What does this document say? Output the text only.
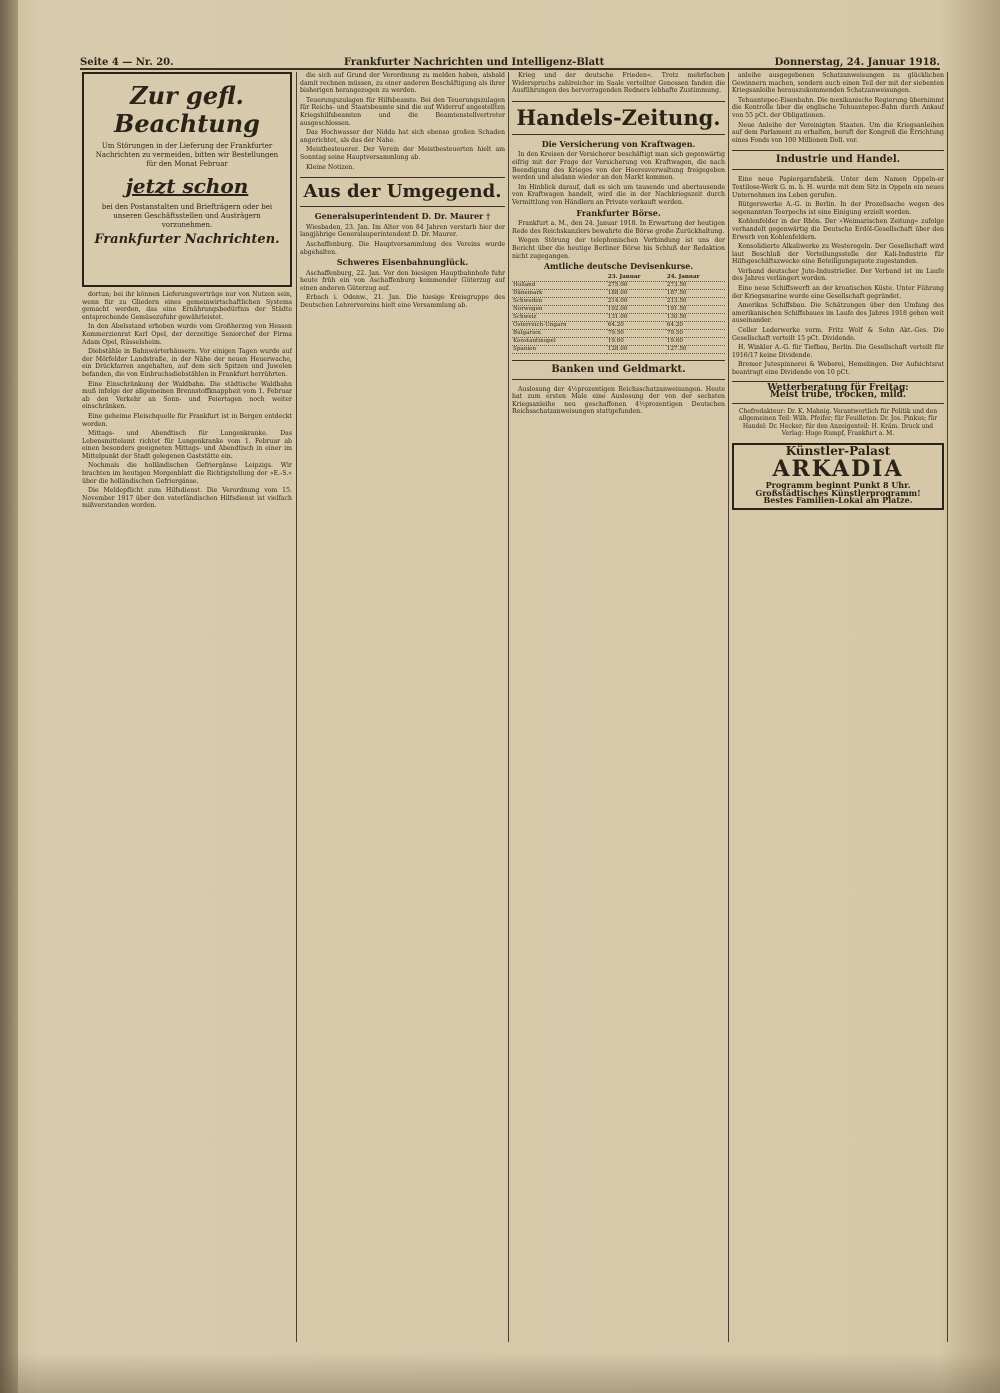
Seite 4 — Nr. 20.	Frankfurter Nachrichten und Intelligenz-Blatt	Donnerstag, 24. Januar 1918.
Zur gefl. Beachtung
Um Störungen in der Lieferung der Frankfurter Nachrichten zu vermeiden, bitten wir Bestellungen für den Monat Februar
jetzt schon
bei den Postanstalten und Briefträgern oder bei unseren Geschäftsstellen und Austrägern vorzunehmen.
Frankfurter Nachrichten.

dortun; bei ihr können Lieferungsverträge nur von Nutzen sein, wenn für zu Gliedern eines gemeinwirtschaftlichen Systems gemacht werden, das eine Ernährungsbedürfnis der Städte entsprechende Gemüsezufuhr gewährleistet.

In den Abelsstand erhoben wurde vom Großherzog von Hessen Kommerzienrat Karl Opel, der derzeitige Seniorchef der Firma Adam Opel, Rüsselsheim.

Diebstähle in Bahnwärterhäusern. Vor einigen Tagen wurde auf der Mörfelder Landstraße, in der Nähe der neuen Heuerwache, ein Drückfarren angehalten, auf dem sich Spitzen und Juwelen befanden, die von Einbruchsdiebstählen in Frankfurt herrührten.

Eine Einschränkung der Waldbahn. Die städtische Waldbahn muß infolge der allgemeinen Brennstoffknappheit vom 1. Februar ab den Verkehr an Sonn- und Feiertagen noch weiter einschränken.

Eine geheime Fleischquelle für Frankfurt ist in Bergen entdeckt worden.

Mittags- und Abendtisch für Lungenkranke. Das Lebensmittelamt richtet für Lungenkranke vom 1. Februar ab einen besonders geeigneten Mittags- und Abendtisch in einer im Mittelpunkt der Stadt gelegenen Gaststätte ein.

Nochmals die holländischen Gefriergänse Leipzigs. Wir brachten im heutigen Morgenblatt die Richtigstellung der »E.-S.« über die holländischen Gefriergänse.

Die Meldepflicht zum Hilfsdienst. Die Verordnung vom 15. November 1917 über den vaterländischen Hilfsdienst ist vielfach mißverstanden worden.

die sich auf Grund der Verordnung zu melden haben, alsbald damit rechnen müssen, zu einer anderen Beschäftigung als ihrer bisherigen herangezogen zu werden.

Teuerungszulagen für Hilfsbeamte. Bei den Teuerungszulagen für Reichs- und Staatsbeamte sind die auf Widerruf angestellten Kriegshilfsbeamten und die Beamtenstellvertreter ausgeschlossen.

Das Hochwasser der Nidda hat sich ebenso großen Schaden angerichtet, als das der Nahe.

Meistbesteuerer. Der Verein der Meistbesteuerten hielt am Sonntag seine Hauptversammlung ab.

Kleine Notizen.

Aus der Umgegend.
Generalsuperintendent D. Dr. Maurer †

Wiesbaden, 23. Jan. Im Alter von 84 Jahren verstarb hier der langjährige Generalsuperintendent D. Dr. Maurer.

Aschaffenburg. Die Hauptversammlung des Vereins wurde abgehalten.

Schweres Eisenbahnunglück.

Aschaffenburg, 22. Jan. Vor den biesigen Hauptbahnhofe fuhr heute früh ein von Aschaffenburg kommender Güterzug auf einen anderen Güterzug auf.

Erbach i. Odenw., 21. Jan. Die hiesige Kreisgruppe des Deutschen Lehrervereins hielt eine Versammlung ab.

Krieg und der deutsche Frieden«. Trotz mehrfachen Widerspruchs zahlreicher im Saale verteilter Genossen fanden die Ausführungen des hervorragenden Redners lebhafte Zustimmung.

Handels-Zeitung.
Die Versicherung von Kraftwagen.

In den Kreisen der Versicherer beschäftigt man sich gegenwärtig eifrig mit der Frage der Versicherung von Kraftwagen, die nach Beendigung des Krieges von der Heeresverwaltung freigegeben werden und alsdann wieder an den Markt kommen.

Im Hinblick darauf, daß es sich um tausende und abertausende von Kraftwagen handelt, wird die in der Nachkriegszeit durch Vermittlung von Händlern an Private verkauft werden.

Frankfurter Börse.

Frankfurt a. M., den 24. Januar 1918. In Erwartung der heutigen Rede des Reichskanzlers bewahrte die Börse große Zurückhaltung.

Wegen Störung der telephonischen Verbindung ist uns der Bericht über die heutige Berliner Börse bis Schluß der Redaktion nicht zugegangen.

Amtliche deutsche Devisenkurse.
	23. Januar	24. Januar
Holland	275.00	273.50
Dänemark	188.00	187.50
Schweden	214.00	213.50
Norwegen	192.00	191.50
Schweiz	131.00	130.50
Österreich-Ungarn	64.20	64.20
Bulgarien	79.50	79.50
Konstantinopel	19.60	19.60
Spanien	128.00	127.50
Banken und Geldmarkt.

Auslosung der 4½prozentigen Reichsschatzanweisungen. Heute hat zum ersten Male eine Auslosung der von der sechsten Kriegsanleihe neu geschaffenen 4½prozentigen Deutschen Reichsschatzanweisungen stattgefunden.

anleihe ausgegebenen Schatzanweisungen zu glücklichen Gewinnern machen, sondern auch einen Teil der mit der siebenten Kriegsanleihe herauszukommenden Schatzanweisungen.

Tehuantepec-Eisenbahn. Die mexikanische Regierung übernimmt die Kontrolle über die englische Tehuantepec-Bahn durch Ankauf von 55 pCt. der Obligationen.

Neue Anleihe der Vereinigten Staaten. Um die Kriegsanleihen auf dem Parlament zu erhalten, beruft der Kongreß die Errichtung eines Fonds von 100 Millionen Doll. vor.

Industrie und Handel.

Eine neue Papiergarnfabrik. Unter dem Namen Oppeln-er Textilose-Werk G. m. b. H. wurde mit dem Sitz in Oppeln ein neues Unternehmen ins Leben gerufen.

Rütgerswerke A.-G. in Berlin. In der Prozeßsache wegen des sogenannten Teerpechs ist eine Einigung erzielt worden.

Kohlenfelder in der Rhön. Der »Weimarischen Zeitung« zufolge verhandelt gegenwärtig die Deutsche Erdöl-Gesellschaft über den Erwerb von Kohlenfeldern.

Konsolidierte Alkaliwerke zu Westeregeln. Der Gesellschaft wird laut Beschluß der Verteilungsstelle der Kali-Industrie für Hilfsgeschäftszwecke eine Beteiligungsquote zugestanden.

Verband deutscher Jute-Industrieller. Der Verband ist im Laufe des Jahres verlängert worden.

Eine neue Schiffswerft an der kroatischen Küste. Unter Führung der Kriegsmarine wurde eine Gesellschaft gegründet.

Amerikas Schiffsbau. Die Schätzungen über den Umfang des amerikanischen Schiffsbaues im Laufe des Jahres 1918 gehen weit auseinander.

Celler Lederwerke vorm. Fritz Wolf & Sohn Akt.-Ges. Die Gesellschaft verteilt 15 pCt. Dividende.

H. Winkler A.-G. für Tiefbau, Berlin. Die Gesellschaft verteilt für 1916/17 keine Dividende.

Bremer Jutespinnerei & Weberei, Hemelingen. Der Aufsichtsrat beantragt eine Dividende von 10 pCt.

Wetterberatung für Freitag:
Meist trübe, trocken, mild.
Chefredakteur: Dr. K. Mahnig. Verantwortlich für Politik und den allgemeinen Teil: Wilh. Pfeifer; für Feuilleton: Dr. Jos. Pinkus; für Handel: Dr. Hecker; für den Anzeigenteil: H. Kräm. Druck und Verlag: Hugo Rumpf, Frankfurt a. M.
Künstler-Palast
ARKADIA
Programm beginnt Punkt 8 Uhr.
Großstädtisches Künstlerprogramm!
Bestes Familien-Lokal am Platze.
